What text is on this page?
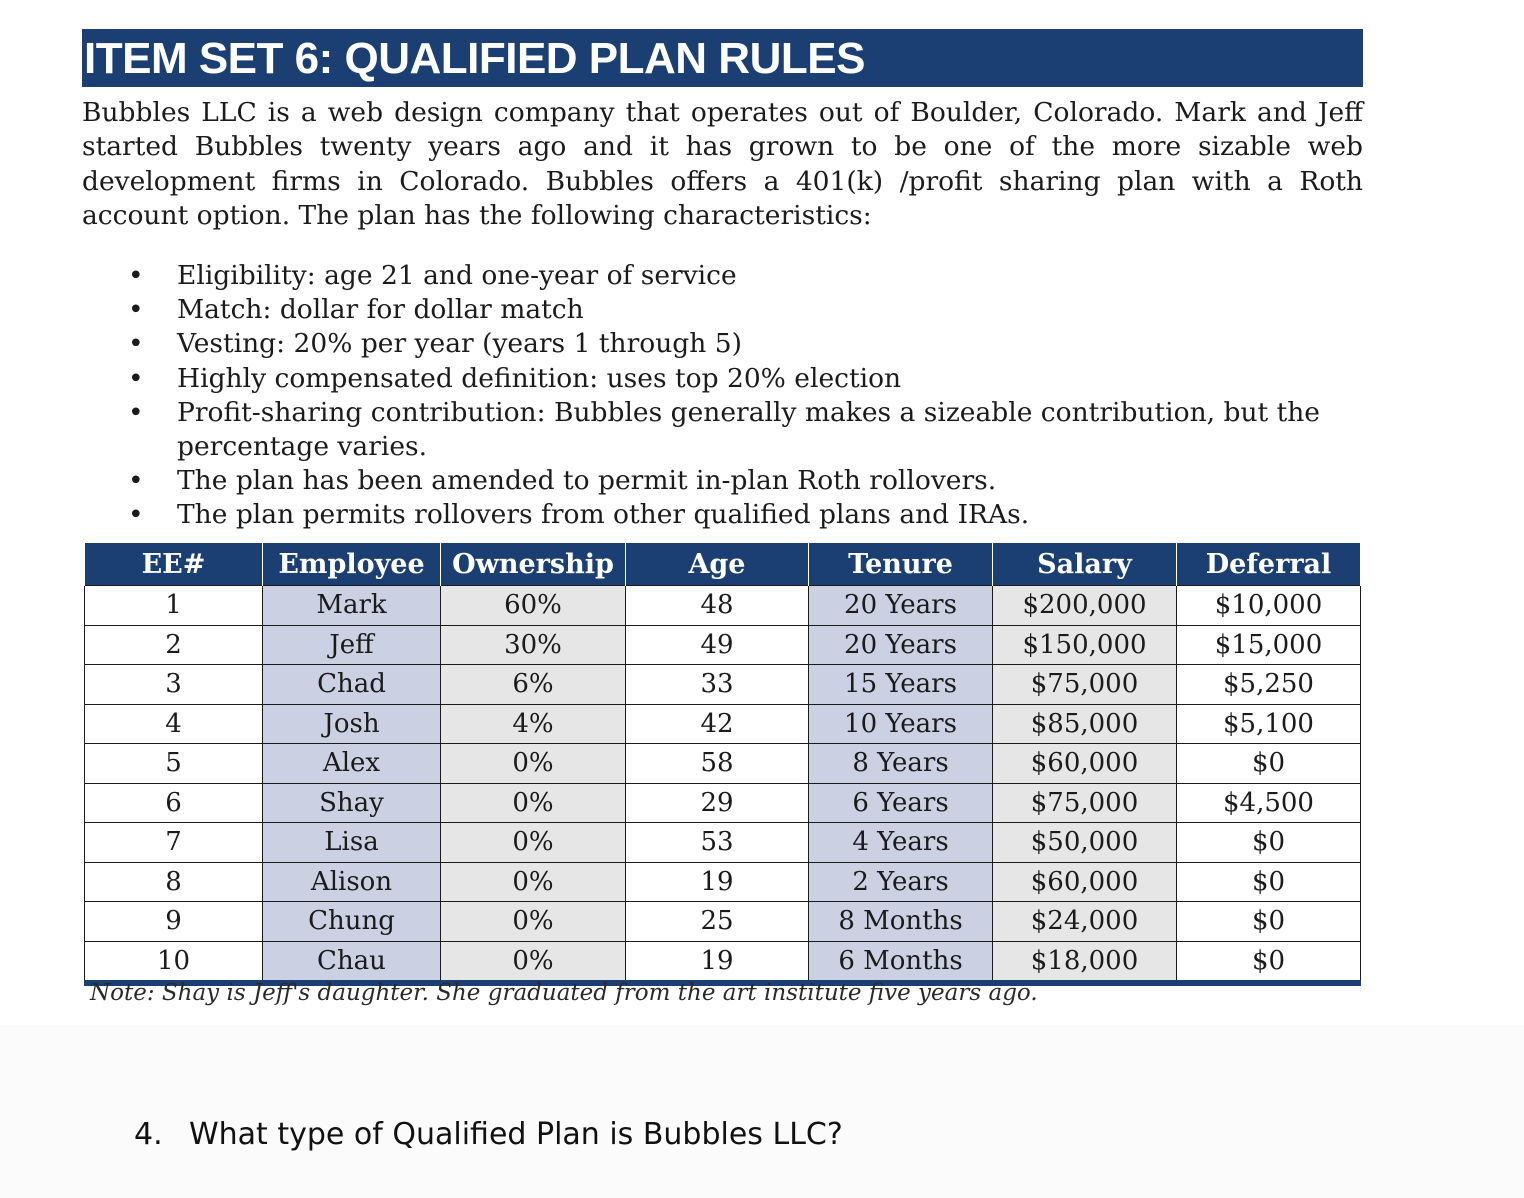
ITEM SET 6: QUALIFIED PLAN RULES

Bubbles LLC is a web design company that operates out of Boulder, Colorado. Mark and Jeff started Bubbles twenty years ago and it has grown to be one of the more sizable web development firms in Colorado. Bubbles offers a 401(k) /profit sharing plan with a Roth account option. The plan has the following characteristics:

• Eligibility: age 21 and one-year of service
• Match: dollar for dollar match
• Vesting: 20% per year (years 1 through 5)
• Highly compensated definition: uses top 20% election
• Profit-sharing contribution: Bubbles generally makes a sizeable contribution, but the percentage varies.
• The plan has been amended to permit in-plan Roth rollovers.
• The plan permits rollovers from other qualified plans and IRAs.
EE#	Employee	Ownership	Age	Tenure	Salary	Deferral
1	Mark	60%	48	20 Years	$200,000	$10,000
2	Jeff	30%	49	20 Years	$150,000	$15,000
3	Chad	6%	33	15 Years	$75,000	$5,250
4	Josh	4%	42	10 Years	$85,000	$5,100
5	Alex	0%	58	8 Years	$60,000	$0
6	Shay	0%	29	6 Years	$75,000	$4,500
7	Lisa	0%	53	4 Years	$50,000	$0
8	Alison	0%	19	2 Years	$60,000	$0
9	Chung	0%	25	8 Months	$24,000	$0
10	Chau	0%	19	6 Months	$18,000	$0

Note: Shay is Jeff's daughter. She graduated from the art institute five years ago.

4. What type of Qualified Plan is Bubbles LLC?
